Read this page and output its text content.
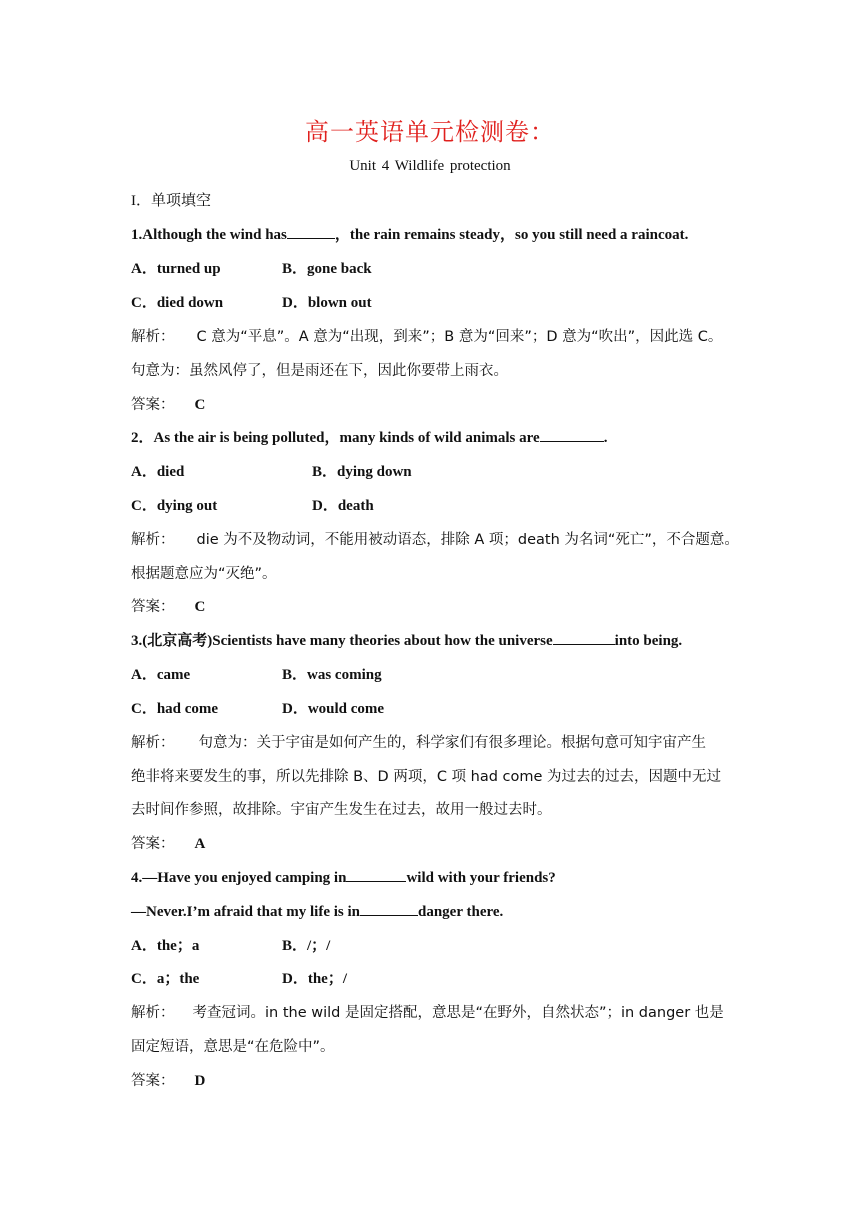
高一英语单元检测卷：
Unit 4 Wildlife protection
I．单项填空
1.Although the wind has	，the rain remains steady，so you still need a raincoat.
A．turned up	B．gone back
C．died down	D．blown out
解析： C 意为“平息”。A 意为“出现，到来”；B 意为“回来”；D 意为“吹出”，因此选 C。
句意为：虽然风停了，但是雨还在下，因此你要带上雨衣。
答案： C
2．As the air is being polluted，many kinds of wild animals are	.
A．died	B．dying down
C．dying out	D．death
解析： die 为不及物动词，不能用被动语态，排除 A 项；death 为名词“死亡”，不合题意。
根据题意应为“灭绝”。
答案： C
3.(北京高考)Scientists have many theories about how the universe	into being.
A．came	B．was coming
C．had come	D．would come
解析： 句意为：关于宇宙是如何产生的，科学家们有很多理论。根据句意可知宇宙产生
绝非将来要发生的事，所以先排除 B、D 两项，C 项 had come 为过去的过去，因题中无过
去时间作参照，故排除。宇宙产生发生在过去，故用一般过去时。
答案： A
4.—Have you enjoyed camping in	wild with your friends?
—Never.I’m afraid that my life is in	danger there.
A．the；a	B．/；/
C．a；the	D．the；/
解析： 考查冠词。in the wild 是固定搭配，意思是“在野外，自然状态”；in danger 也是
固定短语，意思是“在危险中”。
答案： D
